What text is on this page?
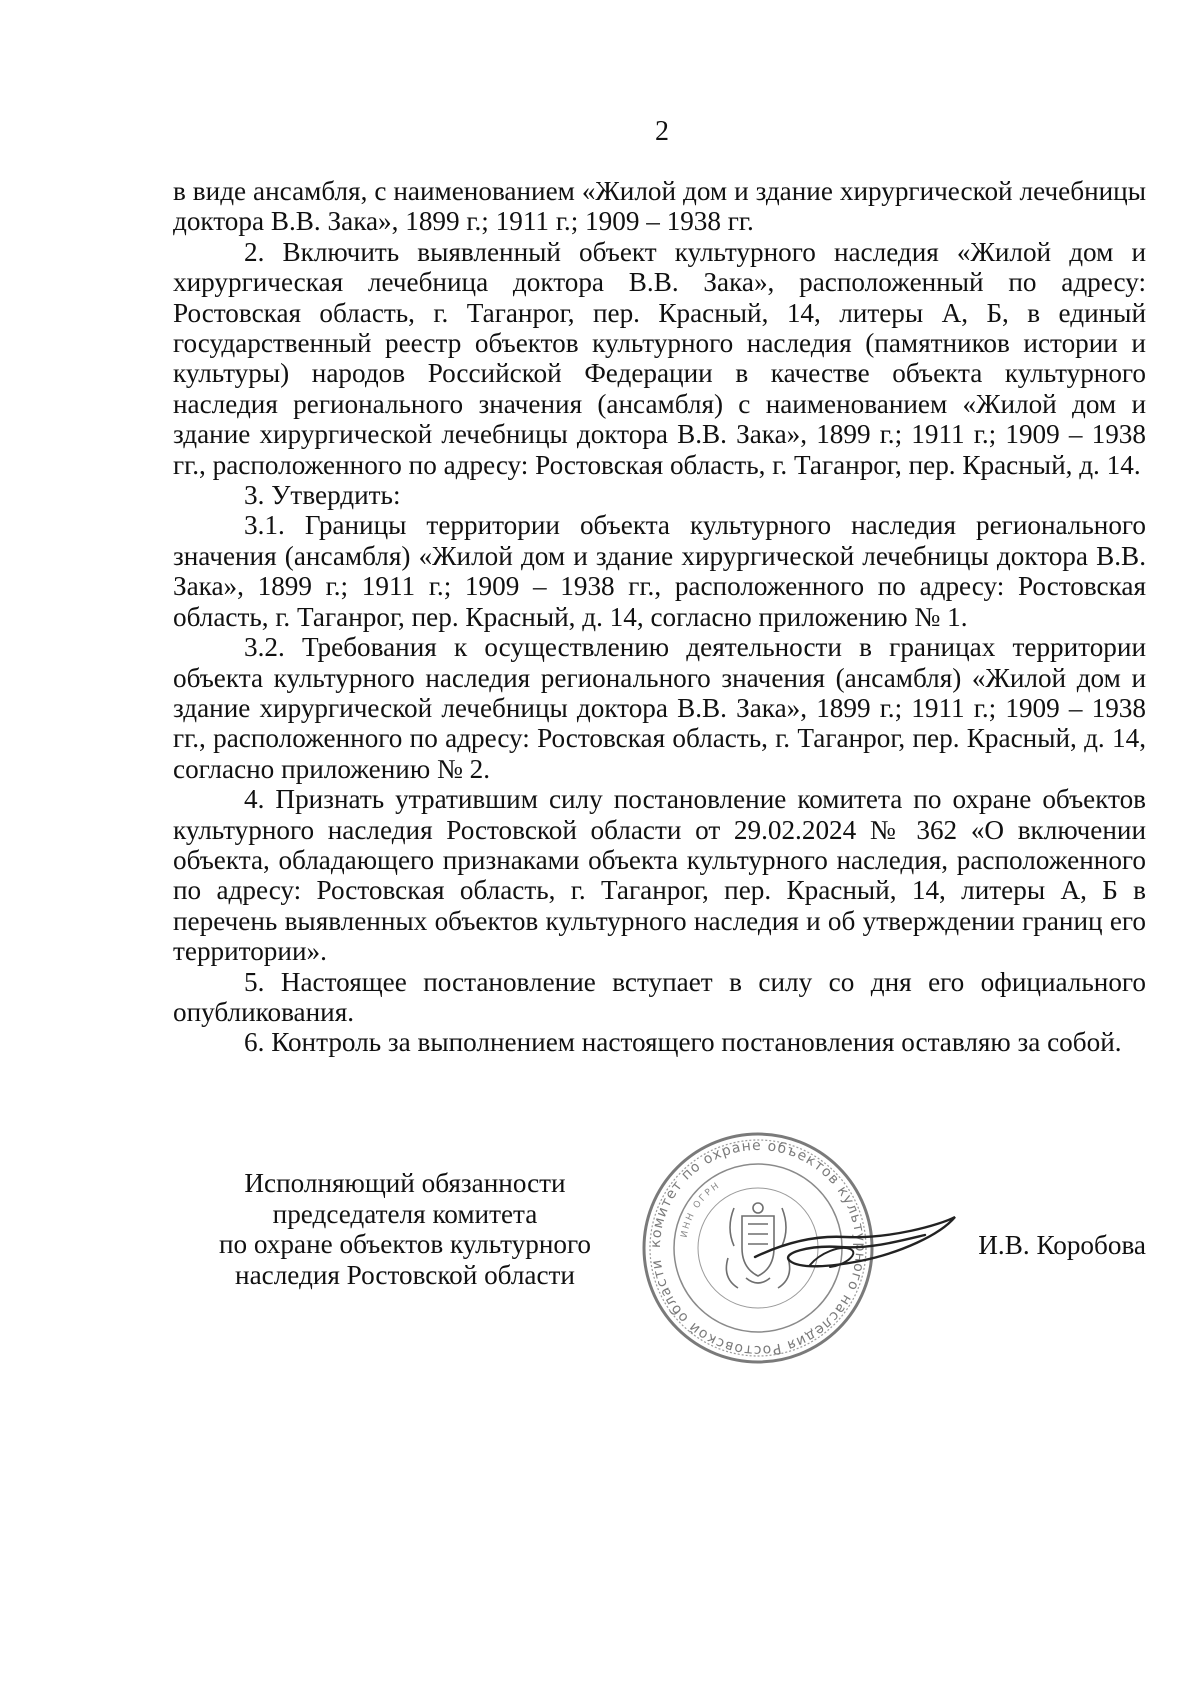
2

в виде ансамбля, с наименованием «Жилой дом и здание хирургической лечебницы доктора В.В. Зака», 1899 г.; 1911 г.; 1909 – 1938 гг.

2. Включить выявленный объект культурного наследия «Жилой дом и хирургическая лечебница доктора В.В. Зака», расположенный по адресу: Ростовская область, г. Таганрог, пер. Красный, 14, литеры А, Б, в единый государственный реестр объектов культурного наследия (памятников истории и культуры) народов Российской Федерации в качестве объекта культурного наследия регионального значения (ансамбля) с наименованием «Жилой дом и здание хирургической лечебницы доктора В.В. Зака», 1899 г.; 1911 г.; 1909 – 1938 гг., расположенного по адресу: Ростовская область, г. Таганрог, пер. Красный, д. 14.

3. Утвердить:

3.1. Границы территории объекта культурного наследия регионального значения (ансамбля) «Жилой дом и здание хирургической лечебницы доктора В.В. Зака», 1899 г.; 1911 г.; 1909 – 1938 гг., расположенного по адресу: Ростовская область, г. Таганрог, пер. Красный, д. 14, согласно приложению № 1.

3.2. Требования к осуществлению деятельности в границах территории объекта культурного наследия регионального значения (ансамбля) «Жилой дом и здание хирургической лечебницы доктора В.В. Зака», 1899 г.; 1911 г.; 1909 – 1938 гг., расположенного по адресу: Ростовская область, г. Таганрог, пер. Красный, д. 14, согласно приложению № 2.

4. Признать утратившим силу постановление комитета по охране объектов культурного наследия Ростовской области от 29.02.2024 № 362 «О включении объекта, обладающего признаками объекта культурного наследия, расположенного по адресу: Ростовская область, г. Таганрог, пер. Красный, 14, литеры А, Б в перечень выявленных объектов культурного наследия и об утверждении границ его территории».

5. Настоящее постановление вступает в силу со дня его официального опубликования.

6. Контроль за выполнением настоящего постановления оставляю за собой.

комитет по охране объектов культурного наследия Ростовской области
ИНН ОГРН
Исполняющий обязанности
председателя комитета
по охране объектов культурного
наследия Ростовской области
И.В. Коробова
